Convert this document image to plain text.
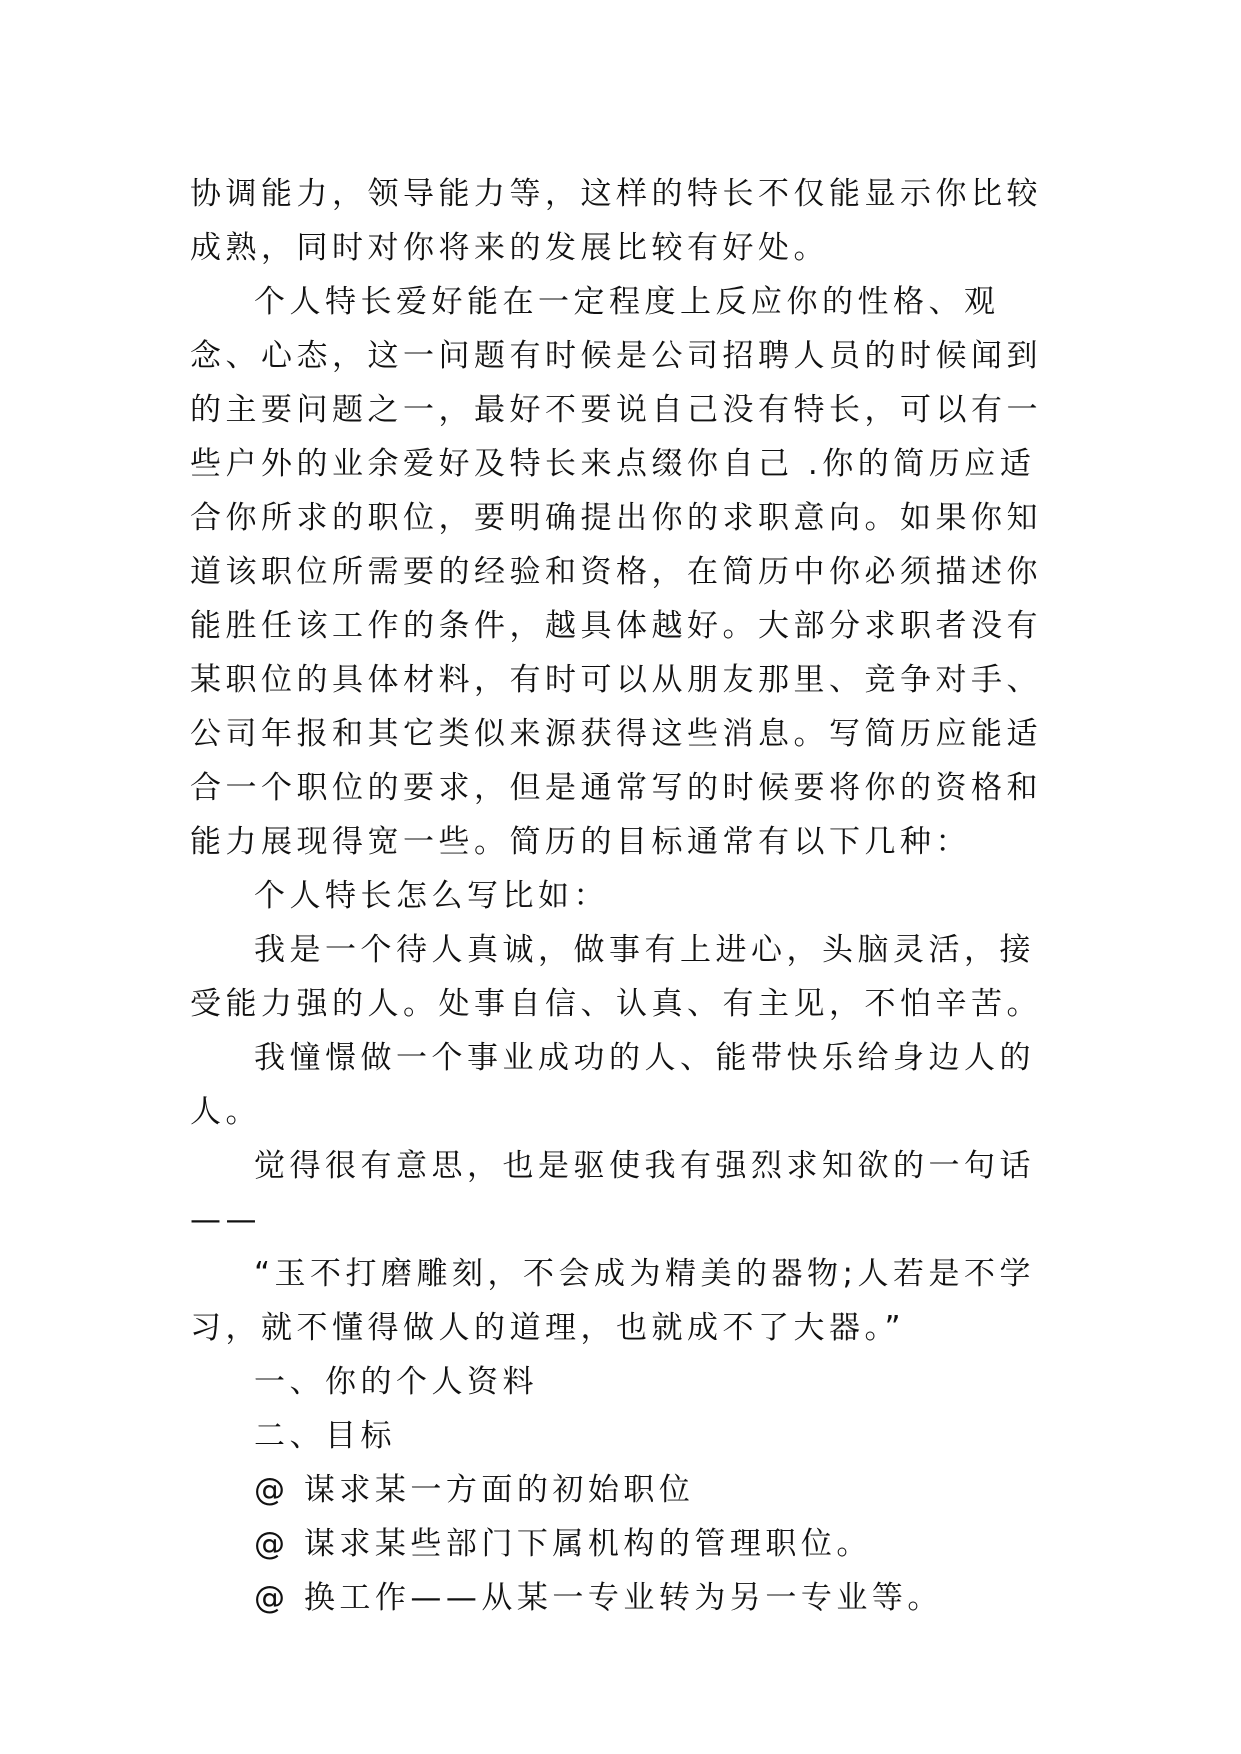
协调能力，领导能力等，这样的特长不仅能显示你比较成熟，同时对你将来的发展比较有好处。

个人特长爱好能在一定程度上反应你的性格、观念、心态，这一问题有时候是公司招聘人员的时候闻到的主要问题之一，最好不要说自己没有特长，可以有一些户外的业余爱好及特长来点缀你自己 .你的简历应适合你所求的职位，要明确提出你的求职意向。如果你知道该职位所需要的经验和资格，在简历中你必须描述你能胜任该工作的条件，越具体越好。大部分求职者没有某职位的具体材料，有时可以从朋友那里、竞争对手、公司年报和其它类似来源获得这些消息。写简历应能适合一个职位的要求，但是通常写的时候要将你的资格和能力展现得宽一些。简历的目标通常有以下几种：

个人特长怎么写比如：

我是一个待人真诚，做事有上进心，头脑灵活，接受能力强的人。处事自信、认真、有主见，不怕辛苦。

我憧憬做一个事业成功的人、能带快乐给身边人的人。

觉得很有意思，也是驱使我有强烈求知欲的一句话——

“玉不打磨雕刻，不会成为精美的器物;人若是不学习，就不懂得做人的道理，也就成不了大器。”

一、你的个人资料

二、目标

@ 谋求某一方面的初始职位

@ 谋求某些部门下属机构的管理职位。

@ 换工作——从某一专业转为另一专业等。
